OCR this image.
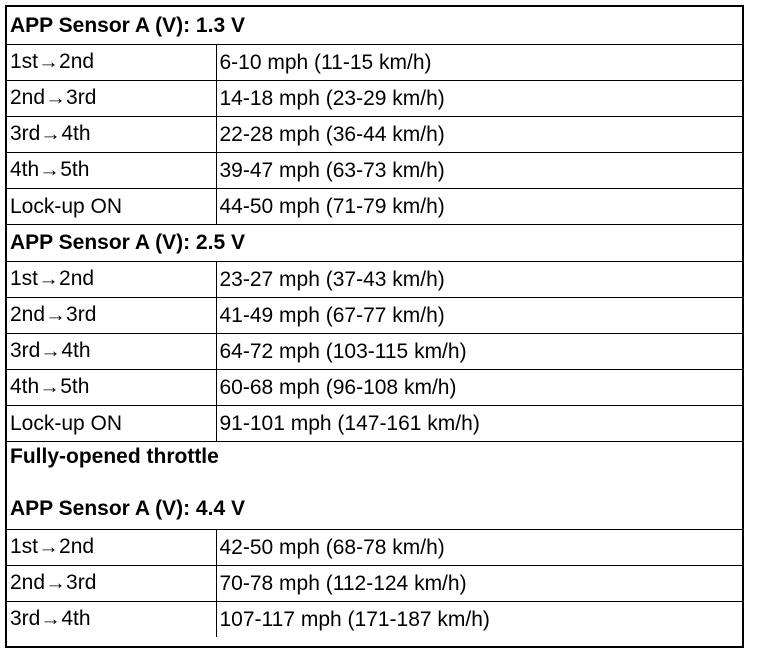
APP Sensor A (V): 1.3 V	
1st→2nd	6-10 mph (11-15 km/h)
2nd→3rd	14-18 mph (23-29 km/h)
3rd→4th	22-28 mph (36-44 km/h)
4th→5th	39-47 mph (63-73 km/h)
Lock-up ON	44-50 mph (71-79 km/h)
APP Sensor A (V): 2.5 V	
1st→2nd	23-27 mph (37-43 km/h)
2nd→3rd	41-49 mph (67-77 km/h)
3rd→4th	64-72 mph (103-115 km/h)
4th→5th	60-68 mph (96-108 km/h)
Lock-up ON	91-101 mph (147-161 km/h)

Fully-opened throttle
APP Sensor A (V): 4.4 V	

1st→2nd	42-50 mph (68-78 km/h)
2nd→3rd	70-78 mph (112-124 km/h)
3rd→4th	107-117 mph (171-187 km/h)
